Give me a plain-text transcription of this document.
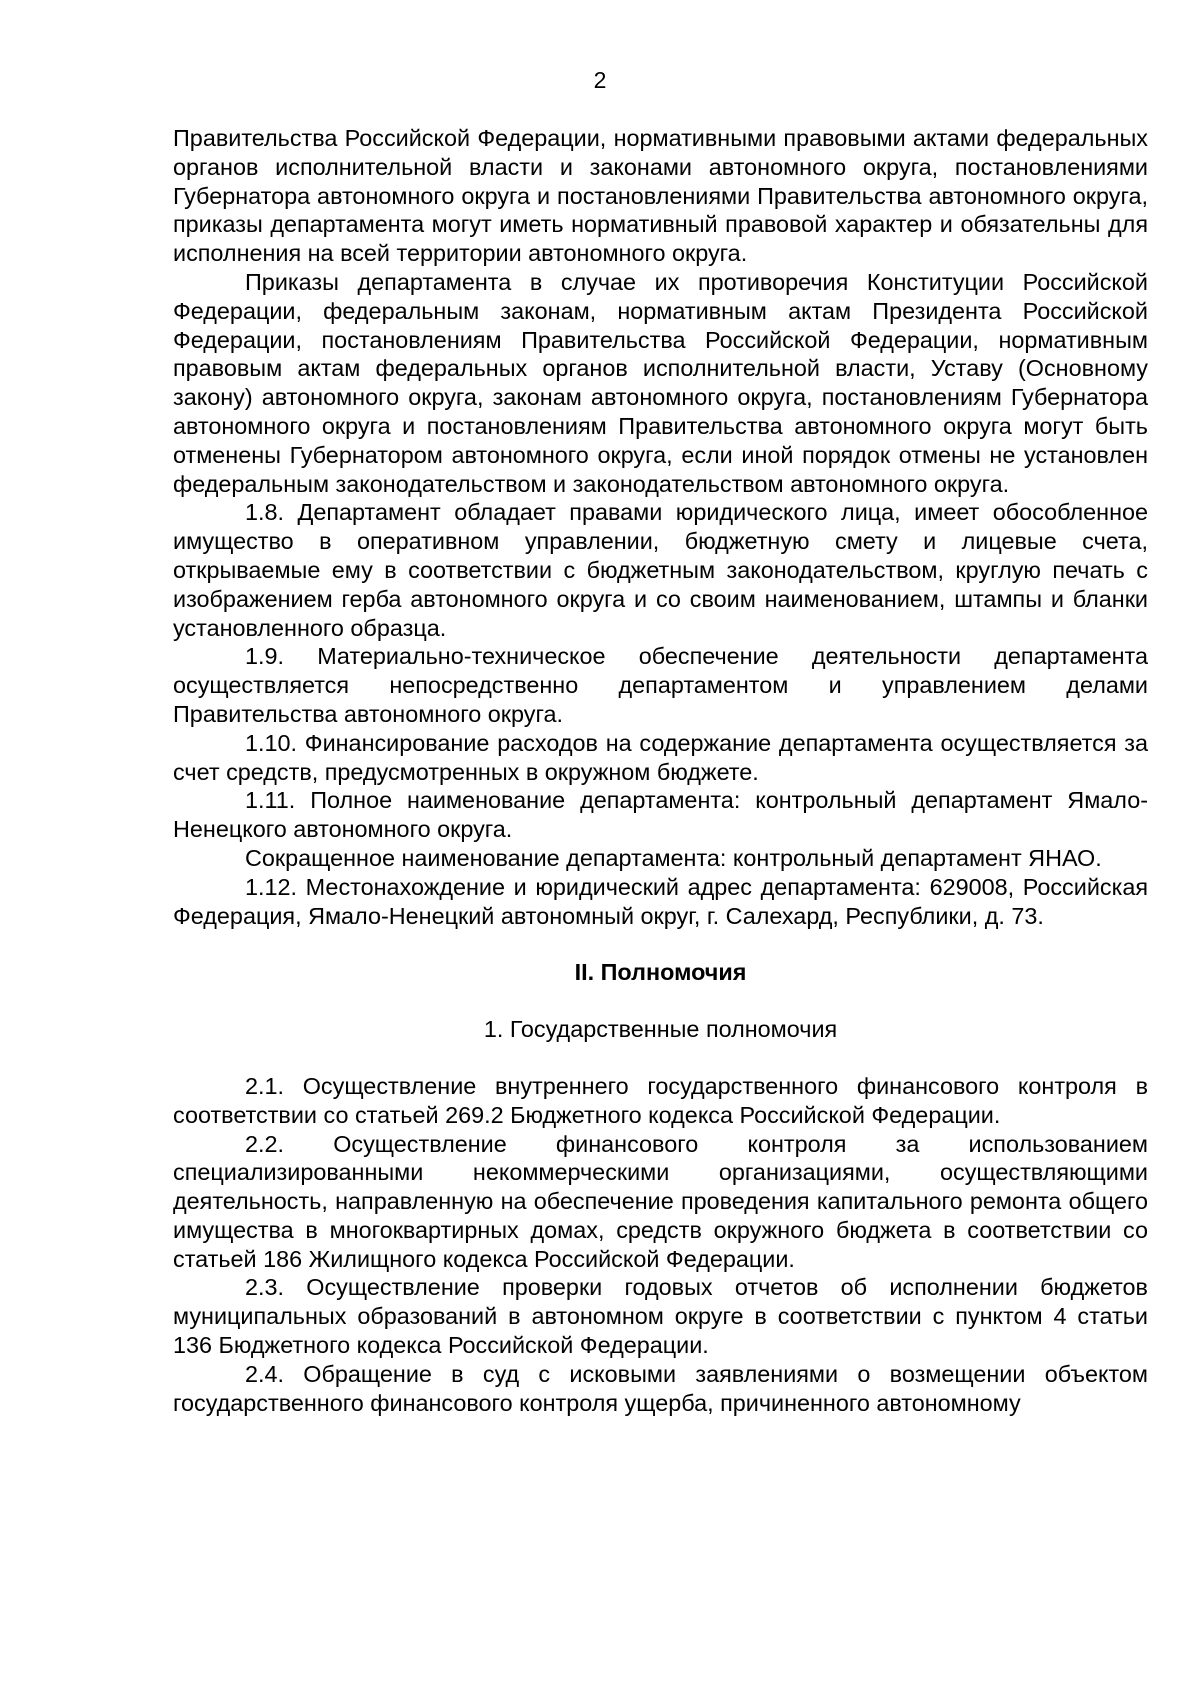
2

Правительства Российской Федерации, нормативными правовыми актами федеральных органов исполнительной власти и законами автономного округа, постановлениями Губернатора автономного округа и постановлениями Правительства автономного округа, приказы департамента могут иметь нормативный правовой характер и обязательны для исполнения на всей территории автономного округа.

Приказы департамента в случае их противоречия Конституции Российской Федерации, федеральным законам, нормативным актам Президента Российской Федерации, постановлениям Правительства Российской Федерации, нормативным правовым актам федеральных органов исполнительной власти, Уставу (Основному закону) автономного округа, законам автономного округа, постановлениям Губернатора автономного округа и постановлениям Правительства автономного округа могут быть отменены Губернатором автономного округа, если иной порядок отмены не установлен федеральным законодательством и законодательством автономного округа.

1.8. Департамент обладает правами юридического лица, имеет обособленное имущество в оперативном управлении, бюджетную смету и лицевые счета, открываемые ему в соответствии с бюджетным законодательством, круглую печать с изображением герба автономного округа и со своим наименованием, штампы и бланки установленного образца.

1.9. Материально-техническое обеспечение деятельности департамента осуществляется непосредственно департаментом и управлением делами Правительства автономного округа.

1.10. Финансирование расходов на содержание департамента осуществляется за счет средств, предусмотренных в окружном бюджете.

1.11. Полное наименование департамента: контрольный департамент Ямало-Ненецкого автономного округа.

Сокращенное наименование департамента: контрольный департамент ЯНАО.

1.12. Местонахождение и юридический адрес департамента: 629008, Российская Федерация, Ямало-Ненецкий автономный округ, г. Салехард, Республики, д. 73.

II. Полномочия
1. Государственные полномочия

2.1. Осуществление внутреннего государственного финансового контроля в соответствии со статьей 269.2 Бюджетного кодекса Российской Федерации.

2.2. Осуществление финансового контроля за использованием специализированными некоммерческими организациями, осуществляющими деятельность, направленную на обеспечение проведения капитального ремонта общего имущества в многоквартирных домах, средств окружного бюджета в соответствии со статьей 186 Жилищного кодекса Российской Федерации.

2.3. Осуществление проверки годовых отчетов об исполнении бюджетов муниципальных образований в автономном округе в соответствии с пунктом 4 статьи 136 Бюджетного кодекса Российской Федерации.

2.4. Обращение в суд с исковыми заявлениями о возмещении объектом государственного финансового контроля ущерба, причиненного автономному
